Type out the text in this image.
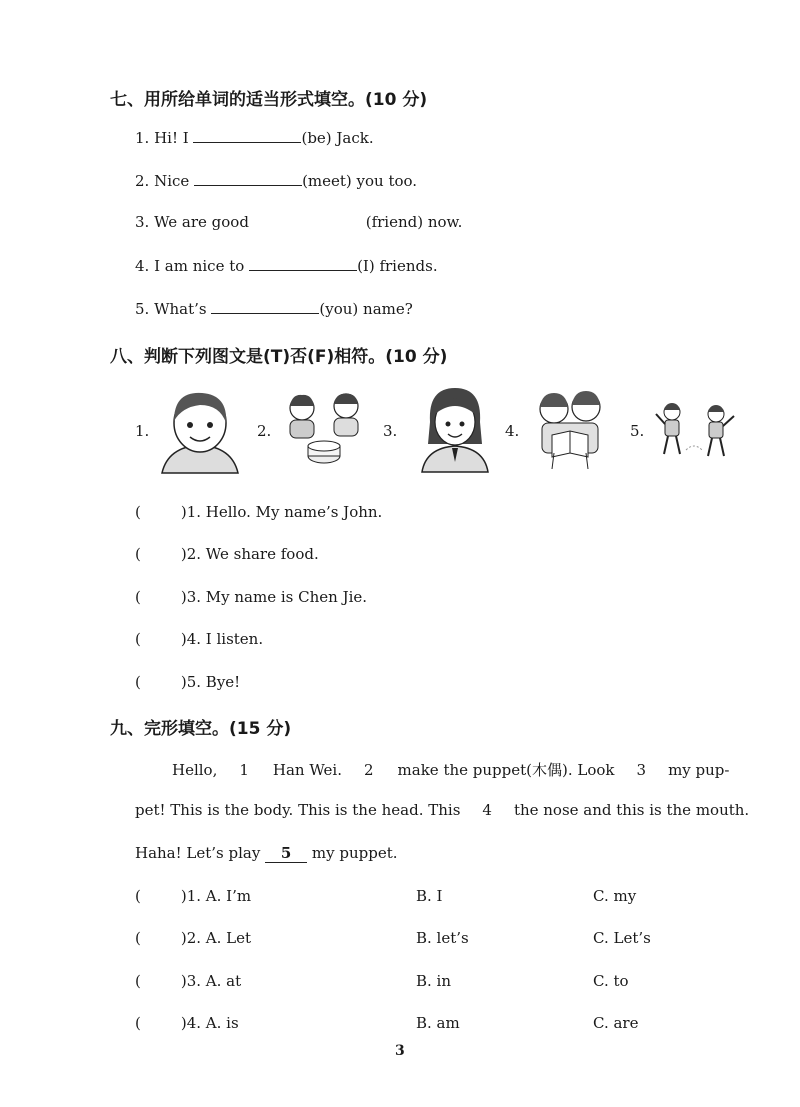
七、用所给单词的适当形式填空。(10 分)
1. Hi! I	(be) Jack.
2. Nice	(meet) you too.
3. We are good	(friend) now.
4. I am nice to	(I) friends.
5. What’s	(you) name?
八、判断下列图文是(T)否(F)相符。(10 分)
1.	2.	3.	4.	5.
(	)1. Hello. My name’s John.
(	)2. We share food.
(	)3. My name is Chen Jie.
(	)4. I listen.
(	)5. Bye!
九、完形填空。(15 分)
Hello, 1 Han Wei. 2 make the puppet(木偶). Look 3 my pup-
pet! This is the body. This is the head. This 4 the nose and this is the mouth.
Haha! Let’s play 5 my puppet.
(	)1. A. I’m	B. I	C. my
(	)2. A. Let	B. let’s	C. Let’s
(	)3. A. at	B. in	C. to
(	)4. A. is	B. am	C. are
3
